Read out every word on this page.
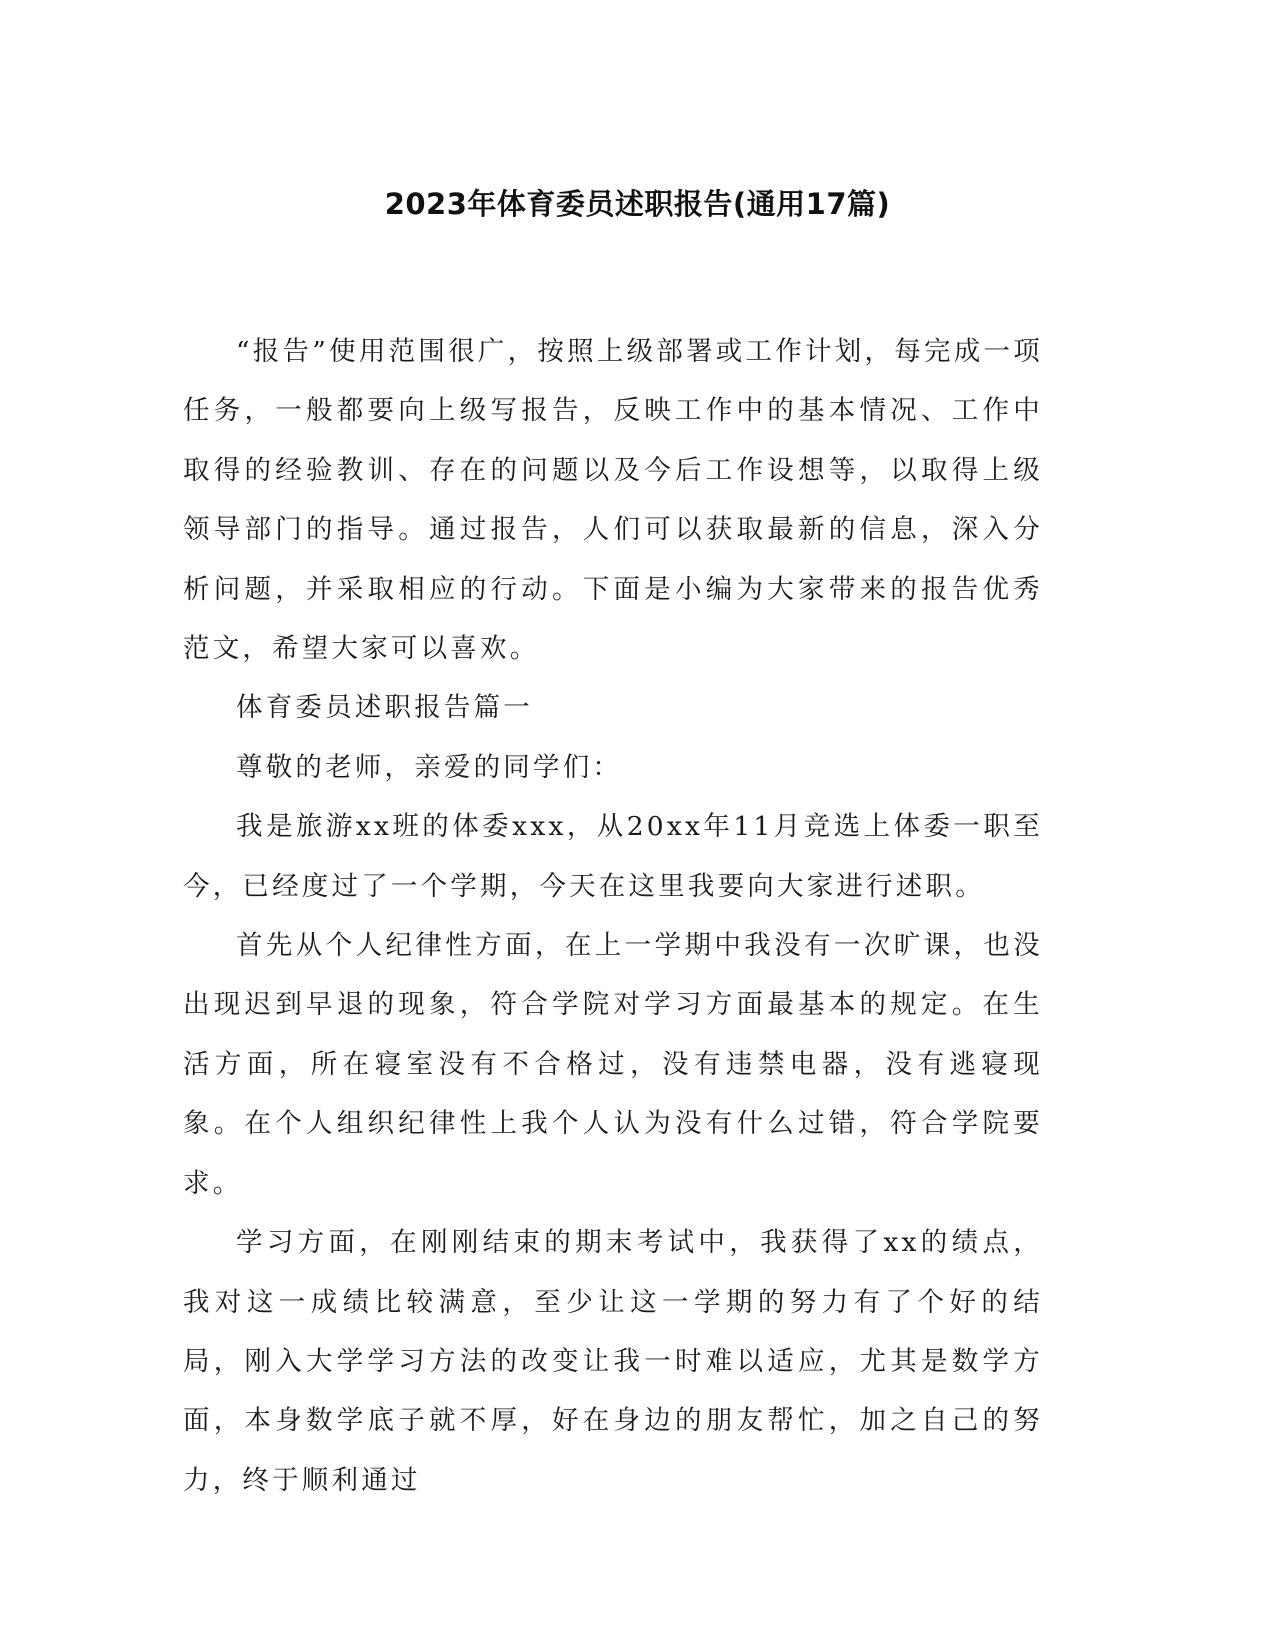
2023年体育委员述职报告(通用17篇)

“报告”使用范围很广，按照上级部署或工作计划，每完成一项任务，一般都要向上级写报告，反映工作中的基本情况、工作中取得的经验教训、存在的问题以及今后工作设想等，以取得上级领导部门的指导。通过报告，人们可以获取最新的信息，深入分析问题，并采取相应的行动。下面是小编为大家带来的报告优秀范文，希望大家可以喜欢。

体育委员述职报告篇一

尊敬的老师，亲爱的同学们：

我是旅游xx班的体委xxx，从20xx年11月竞选上体委一职至今，已经度过了一个学期，今天在这里我要向大家进行述职。

首先从个人纪律性方面，在上一学期中我没有一次旷课，也没出现迟到早退的现象，符合学院对学习方面最基本的规定。在生活方面，所在寝室没有不合格过，没有违禁电器，没有逃寝现象。在个人组织纪律性上我个人认为没有什么过错，符合学院要求。

学习方面，在刚刚结束的期末考试中，我获得了xx的绩点，我对这一成绩比较满意，至少让这一学期的努力有了个好的结局，刚入大学学习方法的改变让我一时难以适应，尤其是数学方面，本身数学底子就不厚，好在身边的朋友帮忙，加之自己的努力，终于顺利通过
